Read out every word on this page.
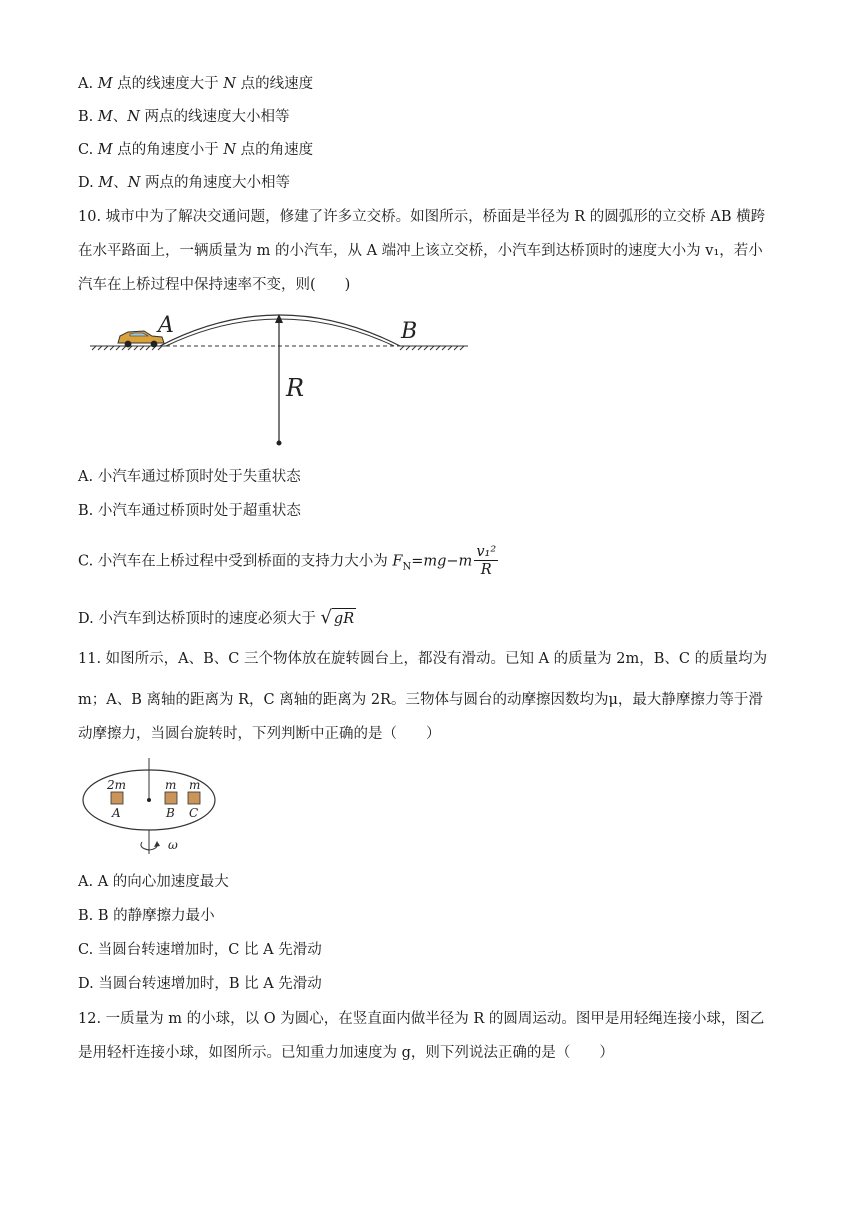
A. M 点的线速度大于 N 点的线速度
B. M、N 两点的线速度大小相等
C. M 点的角速度小于 N 点的角速度
D. M、N 两点的角速度大小相等
10. 城市中为了解决交通问题，修建了许多立交桥。如图所示，桥面是半径为 R 的圆弧形的立交桥 AB 横跨
在水平路面上，一辆质量为 m 的小汽车，从 A 端冲上该立交桥，小汽车到达桥顶时的速度大小为 v₁，若小
汽车在上桥过程中保持速率不变，则(　　)
A	B
R
A. 小汽车通过桥顶时处于失重状态
B. 小汽车通过桥顶时处于超重状态
C. 小汽车在上桥过程中受到桥面的支持力大小为 $F_N=mg-m \frac{\text{v₁²}}{R}$
D. 小汽车到达桥顶时的速度必须大于 √ gR
11. 如图所示，A、B、C 三个物体放在旋转圆台上，都没有滑动。已知 A 的质量为 2m，B、C 的质量均为
m；A、B 离轴的距离为 R，C 离轴的距离为 2R。三物体与圆台的动摩擦因数均为μ，最大静摩擦力等于滑
动摩擦力，当圆台旋转时，下列判断中正确的是（　　）
2m	m m
A	B C
ω
A. A 的向心加速度最大
B. B 的静摩擦力最小
C. 当圆台转速增加时，C 比 A 先滑动
D. 当圆台转速增加时，B 比 A 先滑动
12. 一质量为 m 的小球，以 O 为圆心，在竖直面内做半径为 R 的圆周运动。图甲是用轻绳连接小球，图乙
是用轻杆连接小球，如图所示。已知重力加速度为 g，则下列说法正确的是（　　）
